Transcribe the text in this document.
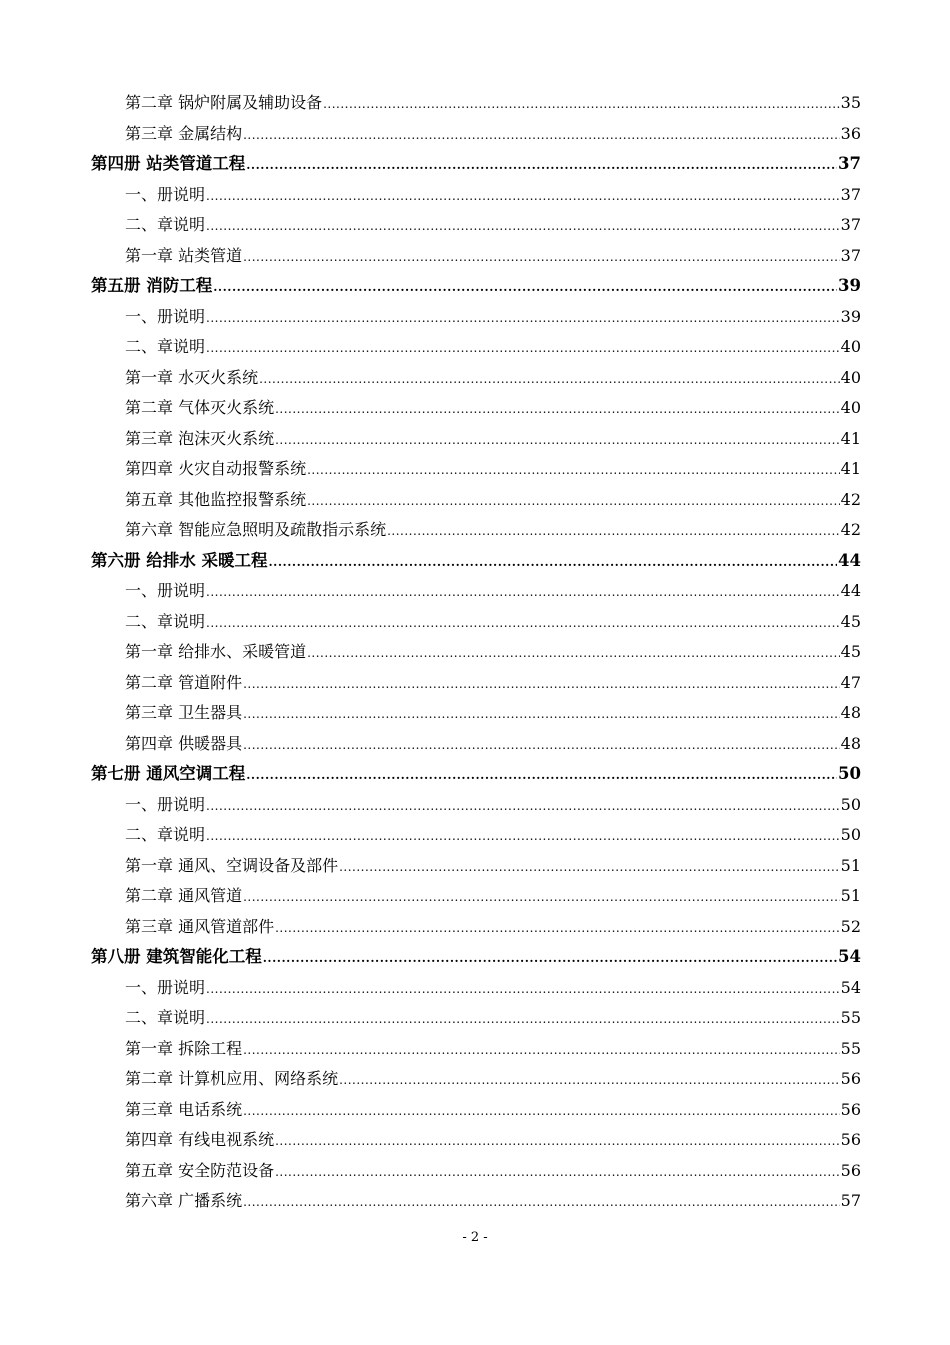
第二章 锅炉附属及辅助设备 .....	35
第三章 金属结构 .....	36
第四册 站类管道工程 .....	37
一、册说明 .....	37
二、章说明 .....	37
第一章 站类管道 .....	37
第五册 消防工程 .....	39
一、册说明 .....	39
二、章说明 .....	40
第一章 水灭火系统 .....	40
第二章 气体灭火系统 .....	40
第三章 泡沫灭火系统 .....	41
第四章 火灾自动报警系统 .....	41
第五章 其他监控报警系统 .....	42
第六章 智能应急照明及疏散指示系统 .....	42
第六册 给排水 采暖工程 .....	44
一、册说明 .....	44
二、章说明 .....	45
第一章 给排水、采暖管道 .....	45
第二章 管道附件 .....	47
第三章 卫生器具 .....	48
第四章 供暖器具 .....	48
第七册 通风空调工程 .....	50
一、册说明 .....	50
二、章说明 .....	50
第一章 通风、空调设备及部件 .....	51
第二章 通风管道 .....	51
第三章 通风管道部件 .....	52
第八册 建筑智能化工程 .....	54
一、册说明 .....	54
二、章说明 .....	55
第一章 拆除工程 .....	55
第二章 计算机应用、网络系统 .....	56
第三章 电话系统 .....	56
第四章 有线电视系统 .....	56
第五章 安全防范设备 .....	56
第六章 广播系统 .....	57
- 2 -
